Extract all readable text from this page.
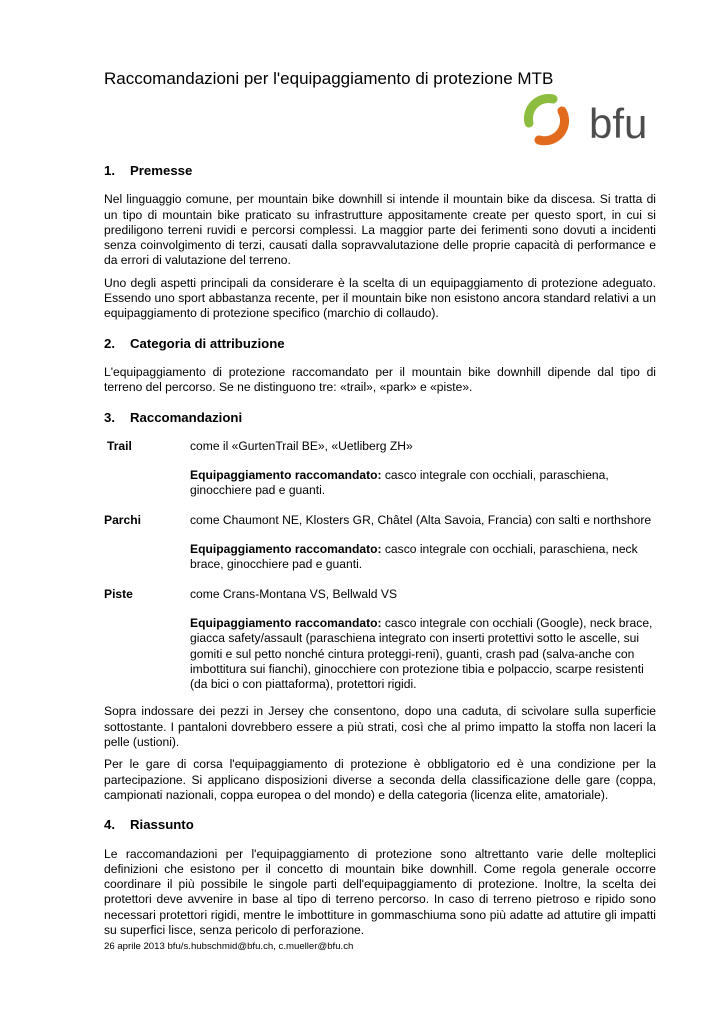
Raccomandazioni per l'equipaggiamento di protezione MTB
bfu
1.	Premesse

Nel linguaggio comune, per mountain bike downhill si intende il mountain bike da discesa. Si tratta di un tipo di mountain bike praticato su infrastrutture appositamente create per questo sport, in cui si prediligono terreni ruvidi e percorsi complessi. La maggior parte dei ferimenti sono dovuti a incidenti senza coinvolgimento di terzi, causati dalla sopravvalutazione delle proprie capacità di performance e da errori di valutazione del terreno.

Uno degli aspetti principali da considerare è la scelta di un equipaggiamento di protezione adeguato. Essendo uno sport abbastanza recente, per il mountain bike non esistono ancora standard relativi a un equipaggiamento di protezione specifico (marchio di collaudo).

2.	Categoria di attribuzione

L'equipaggiamento di protezione raccomandato per il mountain bike downhill dipende dal tipo di terreno del percorso. Se ne distinguono tre: «trail», «park» e «piste».

3.	Raccomandazioni
Trail	come il «GurtenTrail BE», «Uetliberg ZH»

Equipaggiamento raccomandato: casco integrale con occhiali, paraschiena, ginocchiere pad e guanti.

Parchi	come Chaumont NE, Klosters GR, Châtel (Alta Savoia, Francia) con salti e northshore

Equipaggiamento raccomandato: casco integrale con occhiali, paraschiena, neck brace, ginocchiere pad e guanti.

Piste	come Crans-Montana VS, Bellwald VS

Equipaggiamento raccomandato: casco integrale con occhiali (Google), neck brace, giacca safety/assault (paraschiena integrato con inserti protettivi sotto le ascelle, sui gomiti e sul petto nonché cintura proteggi-reni), guanti, crash pad (salva-anche con imbottitura sui fianchi), ginocchiere con protezione tibia e polpaccio, scarpe resistenti (da bici o con piattaforma), protettori rigidi.

Sopra indossare dei pezzi in Jersey che consentono, dopo una caduta, di scivolare sulla superficie sottostante. I pantaloni dovrebbero essere a più strati, così che al primo impatto la stoffa non laceri la pelle (ustioni).

Per le gare di corsa l'equipaggiamento di protezione è obbligatorio ed è una condizione per la partecipazione. Si applicano disposizioni diverse a seconda della classificazione delle gare (coppa, campionati nazionali, coppa europea o del mondo) e della categoria (licenza elite, amatoriale).

4.	Riassunto

Le raccomandazioni per l'equipaggiamento di protezione sono altrettanto varie delle molteplici definizioni che esistono per il concetto di mountain bike downhill. Come regola generale occorre coordinare il più possibile le singole parti dell'equipaggiamento di protezione. Inoltre, la scelta dei protettori deve avvenire in base al tipo di terreno percorso. In caso di terreno pietroso e ripido sono necessari protettori rigidi, mentre le imbottiture in gommaschiuma sono più adatte ad attutire gli impatti su superfici lisce, senza pericolo di perforazione.

26 aprile 2013 bfu/s.hubschmid@bfu.ch, c.mueller@bfu.ch
